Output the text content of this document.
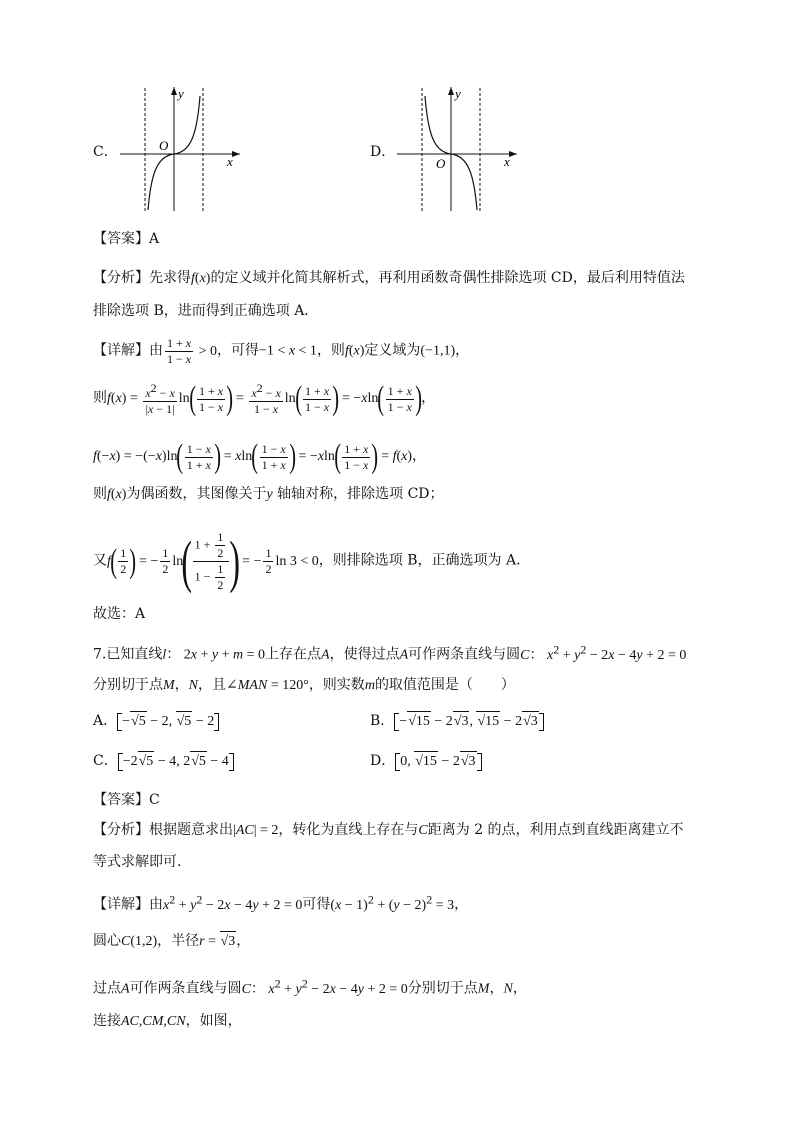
C．	O
x
y
D．
O	x
y
【答案】A
【分析】先求得f(x)的定义域并化简其解析式，再利用函数奇偶性排除选项 CD，最后利用特值法
排除选项 B，进而得到正确选项 A.
【详解】由 $\frac{1 + x}{1 - x} > 0$，可得−1 < x < 1，则f(x)定义域为(−1,1)，
则$f(x) = \frac{x^2 - x}{|x - 1|}$ ln ( $\frac{1 + x}{1 - x}$ ) = $\frac{x^2 - x}{1 - x}$ ln ( $\frac{1 + x}{1 - x}$ ) = −xln ( $\frac{1 + x}{1 - x}$ ) ，
f(−x) = −(−x)ln ( $\frac{1 - x}{1 + x}$ ) = xln ( $\frac{1 - x}{1 + x}$ ) = −xln ( $\frac{1 + x}{1 - x}$ ) = f(x)，
则f(x)为偶函数，其图像关于y 轴轴对称，排除选项 CD；
又f ( $\frac{1}{2}$ ) = − $\frac{1}{2}$ ln
( $\frac{1 + \frac{1}{2}}{1 - \frac{1}{2}}$ )
= − $\frac{1}{2}$ ln 3 < 0，则排除选项 B，正确选项为 A.
故选：A
7.已知直线l： 2x + y + m = 0上存在点A，使得过点A可作两条直线与圆C： $x^2 + y^2 - 2x - 4y + 2 = 0$
分别切于点M，N，且∠MAN = 120°，则实数m的取值范围是（　　）
A． −√5 − 2, √5 − 2	B． −√15 − 2√3, √15 − 2√3
C． −2√5 − 4, 2√5 − 4	D． 0, √15 − 2√3
【答案】C
【分析】根据题意求出|AC| = 2，转化为直线上存在与C距离为 2 的点，利用点到直线距离建立不
等式求解即可.
【详解】由$x^2 + y^2 - 2x - 4y + 2 = 0$可得$(x - 1)^2 + (y - 2)^2 = 3$，
圆心C(1,2)，半径r = √3，
过点A可作两条直线与圆C： $x^2 + y^2 - 2x - 4y + 2 = 0$分别切于点M，N，
连接AC,CM,CN，如图，
